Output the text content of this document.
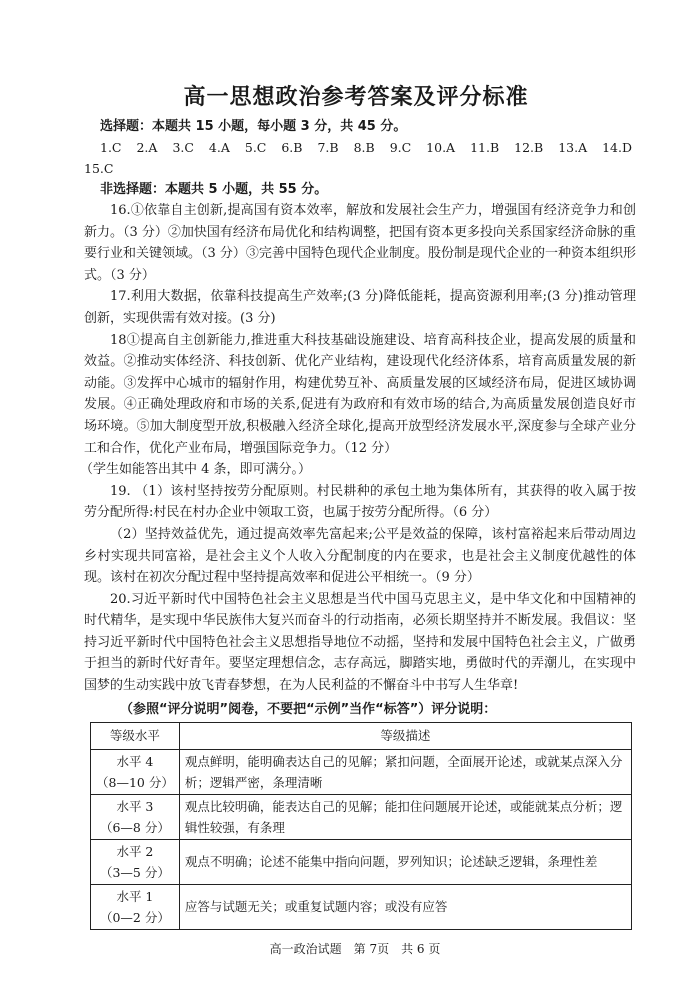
高一思想政治参考答案及评分标准
选择题：本题共 15 小题，每小题 3 分，共 45 分。
1.C 2.A 3.C 4.A 5.C 6.B 7.B 8.B 9.C 10.A 11.B 12.B 13.A 14.D 15.C
非选择题：本题共 5 小题，共 55 分。
16.①依靠自主创新,提高国有资本效率，解放和发展社会生产力，增强国有经济竞争力和创新力。（3 分）②加快国有经济布局优化和结构调整，把国有资本更多投向关系国家经济命脉的重要行业和关键领域。（3 分）③完善中国特色现代企业制度。股份制是现代企业的一种资本组织形式。（3 分）
17.利用大数据，依靠科技提高生产效率;(3 分)降低能耗，提高资源利用率;(3 分)推动管理创新，实现供需有效对接。(3 分)
18①提高自主创新能力,推进重大科技基础设施建设、培育高科技企业，提高发展的质量和效益。②推动实体经济、科技创新、优化产业结构，建设现代化经济体系，培育高质量发展的新动能。③发挥中心城市的辐射作用，构建优势互补、高质量发展的区域经济布局，促进区域协调发展。④正确处理政府和市场的关系,促进有为政府和有效市场的结合,为高质量发展创造良好市场环境。⑤加大制度型开放,积极融入经济全球化,提高开放型经济发展水平,深度参与全球产业分工和合作，优化产业布局，增强国际竞争力。（12 分）
（学生如能答出其中 4 条，即可满分。）
19. （1）该村坚持按劳分配原则。村民耕种的承包土地为集体所有，其获得的收入属于按劳分配所得:村民在村办企业中领取工资，也属于按劳分配所得。（6 分）
（2）坚持效益优先，通过提高效率先富起来;公平是效益的保障，该村富裕起来后带动周边乡村实现共同富裕，是社会主义个人收入分配制度的内在要求，也是社会主义制度优越性的体现。该村在初次分配过程中坚持提高效率和促进公平相统一。（9 分）
20.习近平新时代中国特色社会主义思想是当代中国马克思主义，是中华文化和中国精神的时代精华，是实现中华民族伟大复兴而奋斗的行动指南，必须长期坚持并不断发展。我倡议：坚持习近平新时代中国特色社会主义思想指导地位不动摇，坚持和发展中国特色社会主义，广做勇于担当的新时代好青年。要坚定理想信念，志存高远，脚踏实地，勇做时代的弄潮儿，在实现中国梦的生动实践中放飞青春梦想，在为人民利益的不懈奋斗中书写人生华章!
（参照“评分说明”阅卷，不要把“示例”当作“标答”）评分说明：
等级水平	等级描述

水平 4
（8—10 分）	观点鲜明，能明确表达自己的见解；紧扣问题，全面展开论述，或就某点深入分析；逻辑严密，条理清晰

水平 3
（6—8 分）	观点比较明确，能表达自己的见解；能扣住问题展开论述，或能就某点分析；逻辑性较强，有条理

水平 2
（3—5 分）	观点不明确；论述不能集中指向问题，罗列知识；论述缺乏逻辑，条理性差

水平 1
（0—2 分）	应答与试题无关；或重复试题内容；或没有应答
高一政治试题　第 7页　共 6 页
